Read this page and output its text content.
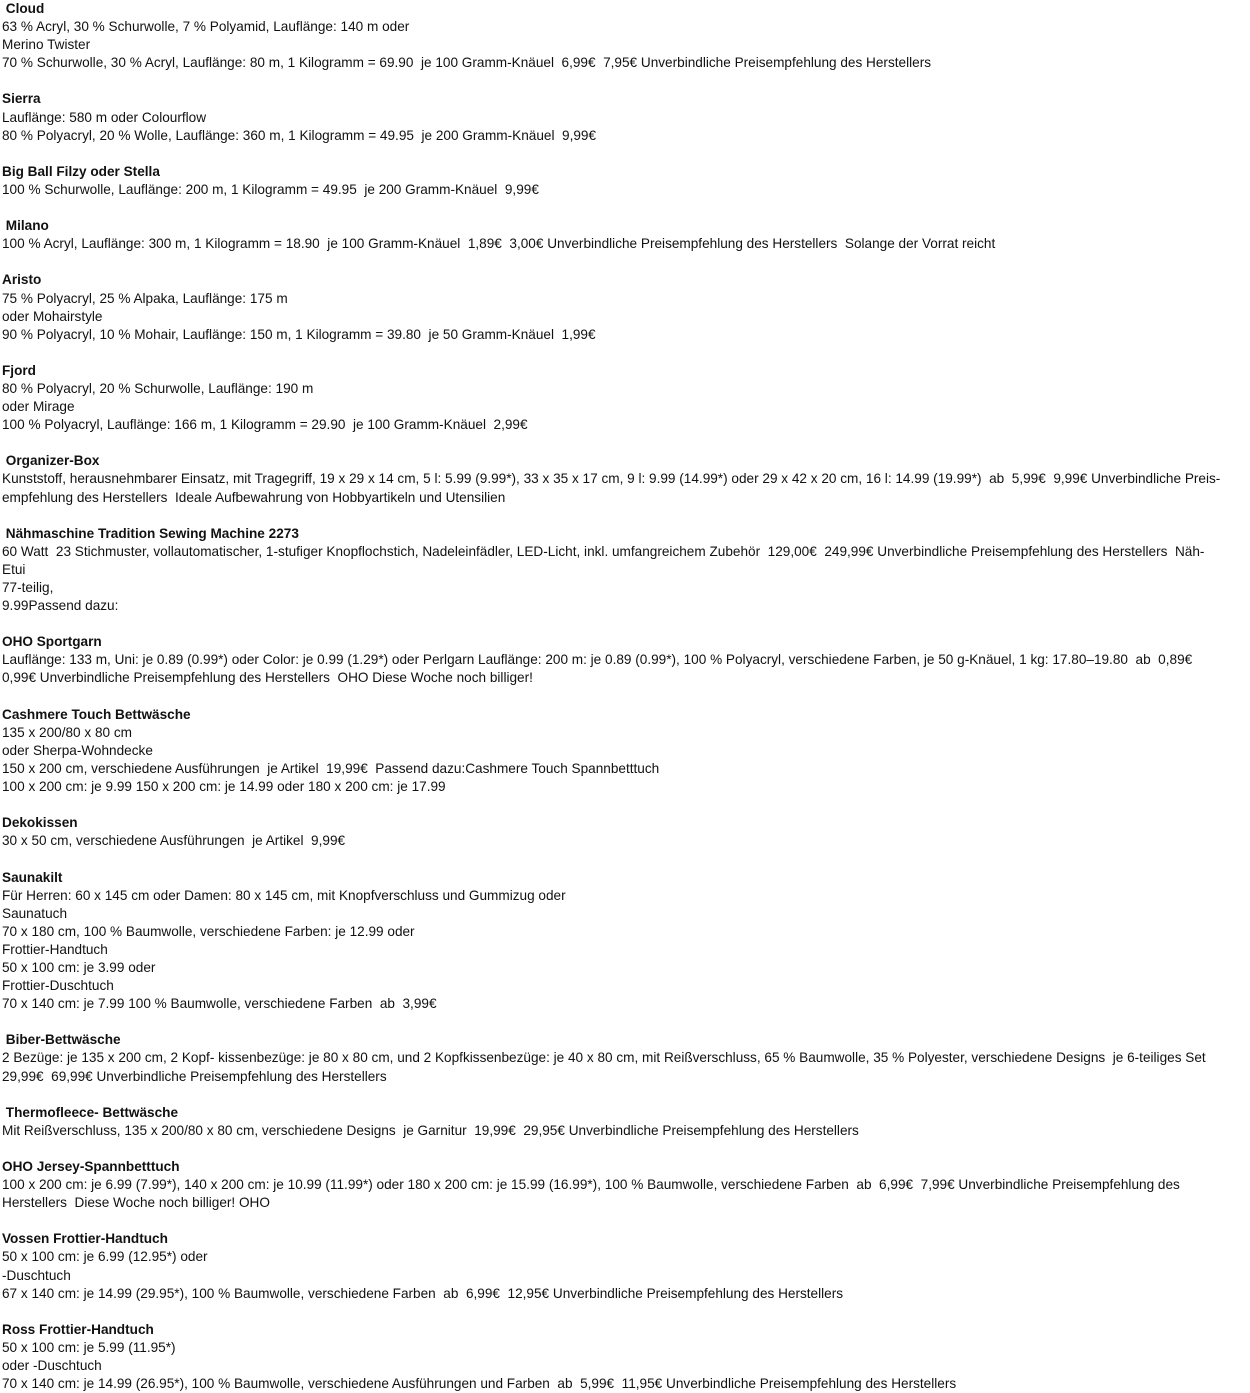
Cloud
63 % Acryl, 30 % Schurwolle, 7 % Polyamid, Lauflänge: 140 m oder
Merino Twister
70 % Schurwolle, 30 % Acryl, Lauflänge: 80 m, 1 Kilogramm = 69.90  je 100 Gramm-Knäuel  6,99€  7,95€ Unverbindliche Preisempfehlung des Herstellers
Sierra
Lauflänge: 580 m oder Colourflow
80 % Polyacryl, 20 % Wolle, Lauflänge: 360 m, 1 Kilogramm = 49.95  je 200 Gramm-Knäuel  9,99€
Big Ball Filzy oder Stella
100 % Schurwolle, Lauflänge: 200 m, 1 Kilogramm = 49.95  je 200 Gramm-Knäuel  9,99€
Milano
100 % Acryl, Lauflänge: 300 m, 1 Kilogramm = 18.90  je 100 Gramm-Knäuel  1,89€  3,00€ Unverbindliche Preisempfehlung des Herstellers  Solange der Vorrat reicht
Aristo
75 % Polyacryl, 25 % Alpaka, Lauflänge: 175 m
oder Mohairstyle
90 % Polyacryl, 10 % Mohair, Lauflänge: 150 m, 1 Kilogramm = 39.80  je 50 Gramm-Knäuel  1,99€
Fjord
80 % Polyacryl, 20 % Schurwolle, Lauflänge: 190 m
oder Mirage
100 % Polyacryl, Lauflänge: 166 m, 1 Kilogramm = 29.90  je 100 Gramm-Knäuel  2,99€
Organizer-Box
Kunststoff, herausnehmbarer Einsatz, mit Tragegriff, 19 x 29 x 14 cm, 5 l: 5.99 (9.99*), 33 x 35 x 17 cm, 9 l: 9.99 (14.99*) oder 29 x 42 x 20 cm, 16 l: 14.99 (19.99*)  ab  5,99€  9,99€ Unverbindliche Preis-
empfehlung des Herstellers  Ideale Aufbewahrung von Hobbyartikeln und Utensilien
Nähmaschine Tradition Sewing Machine 2273
60 Watt  23 Stichmuster, vollautomatischer, 1-stufiger Knopflochstich, Nadeleinfädler, LED-Licht, inkl. umfangreichem Zubehör  129,00€  249,99€ Unverbindliche Preisempfehlung des Herstellers  Näh-
Etui
77-teilig,
9.99Passend dazu:
OHO Sportgarn
Lauflänge: 133 m, Uni: je 0.89 (0.99*) oder Color: je 0.99 (1.29*) oder Perlgarn Lauflänge: 200 m: je 0.89 (0.99*), 100 % Polyacryl, verschiedene Farben, je 50 g-Knäuel, 1 kg: 17.80–19.80  ab  0,89€
0,99€ Unverbindliche Preisempfehlung des Herstellers  OHO Diese Woche noch billiger!
Cashmere Touch Bettwäsche
135 x 200/80 x 80 cm
oder Sherpa-Wohndecke
150 x 200 cm, verschiedene Ausführungen  je Artikel  19,99€  Passend dazu:Cashmere Touch Spannbetttuch
100 x 200 cm: je 9.99 150 x 200 cm: je 14.99 oder 180 x 200 cm: je 17.99
Dekokissen
30 x 50 cm, verschiedene Ausführungen  je Artikel  9,99€
Saunakilt
Für Herren: 60 x 145 cm oder Damen: 80 x 145 cm, mit Knopfverschluss und Gummizug oder
Saunatuch
70 x 180 cm, 100 % Baumwolle, verschiedene Farben: je 12.99 oder
Frottier-Handtuch
50 x 100 cm: je 3.99 oder
Frottier-Duschtuch
70 x 140 cm: je 7.99 100 % Baumwolle, verschiedene Farben  ab  3,99€
Biber-Bettwäsche
2 Bezüge: je 135 x 200 cm, 2 Kopf- kissenbezüge: je 80 x 80 cm, und 2 Kopfkissenbezüge: je 40 x 80 cm, mit Reißverschluss, 65 % Baumwolle, 35 % Polyester, verschiedene Designs  je 6-teiliges Set
29,99€  69,99€ Unverbindliche Preisempfehlung des Herstellers
Thermofleece- Bettwäsche
Mit Reißverschluss, 135 x 200/80 x 80 cm, verschiedene Designs  je Garnitur  19,99€  29,95€ Unverbindliche Preisempfehlung des Herstellers
OHO Jersey-Spannbetttuch
100 x 200 cm: je 6.99 (7.99*), 140 x 200 cm: je 10.99 (11.99*) oder 180 x 200 cm: je 15.99 (16.99*), 100 % Baumwolle, verschiedene Farben  ab  6,99€  7,99€ Unverbindliche Preisempfehlung des
Herstellers  Diese Woche noch billiger! OHO
Vossen Frottier-Handtuch
50 x 100 cm: je 6.99 (12.95*) oder
-Duschtuch
67 x 140 cm: je 14.99 (29.95*), 100 % Baumwolle, verschiedene Farben  ab  6,99€  12,95€ Unverbindliche Preisempfehlung des Herstellers
Ross Frottier-Handtuch
50 x 100 cm: je 5.99 (11.95*)
oder -Duschtuch
70 x 140 cm: je 14.99 (26.95*), 100 % Baumwolle, verschiedene Ausführungen und Farben  ab  5,99€  11,95€ Unverbindliche Preisempfehlung des Herstellers
